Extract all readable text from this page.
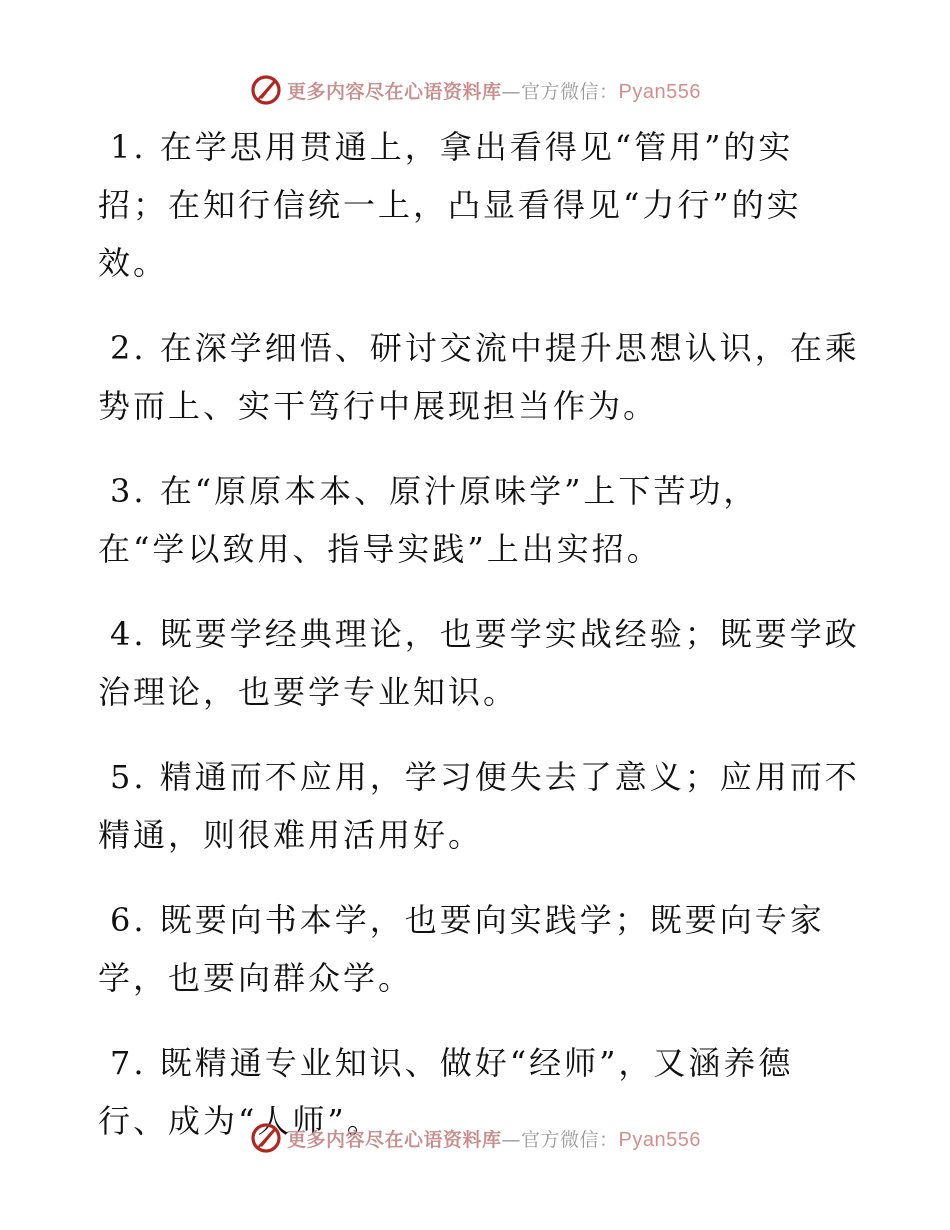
更多内容尽在心语资料库—官方微信：Pyan556

1. 在学思用贯通上，拿出看得见“管用”的实

招；在知行信统一上，凸显看得见“力行”的实

效。

2. 在深学细悟、研讨交流中提升思想认识，在乘

势而上、实干笃行中展现担当作为。

3. 在“原原本本、原汁原味学”上下苦功，

在“学以致用、指导实践”上出实招。

4. 既要学经典理论，也要学实战经验；既要学政

治理论，也要学专业知识。

5. 精通而不应用，学习便失去了意义；应用而不

精通，则很难用活用好。

6. 既要向书本学，也要向实践学；既要向专家

学，也要向群众学。

7. 既精通专业知识、做好“经师”，又涵养德

行、成为“人师”。

更多内容尽在心语资料库—官方微信：Pyan556
